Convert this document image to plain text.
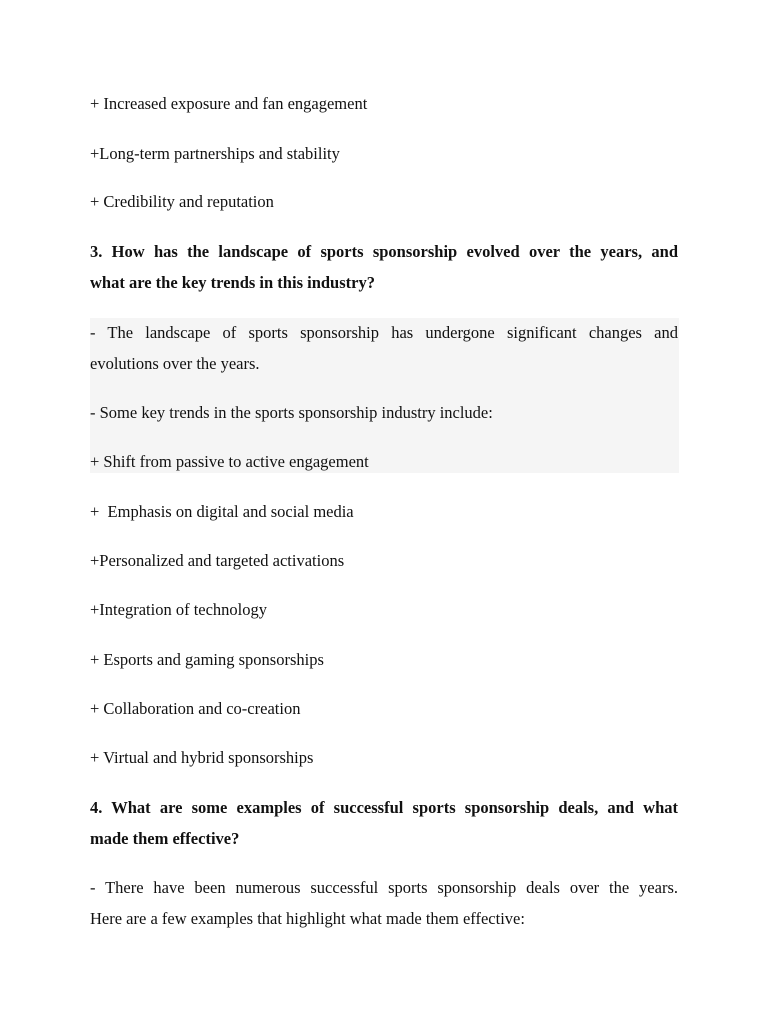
+ Increased exposure and fan engagement
+Long-term partnerships and stability
+ Credibility and reputation
3. How has the landscape of sports sponsorship evolved over the years, and
what are the key trends in this industry?
- The landscape of sports sponsorship has undergone significant changes and
evolutions over the years.
- Some key trends in the sports sponsorship industry include:
+ Shift from passive to active engagement
+  Emphasis on digital and social media
+Personalized and targeted activations
+Integration of technology
+ Esports and gaming sponsorships
+ Collaboration and co-creation
+ Virtual and hybrid sponsorships
4. What are some examples of successful sports sponsorship deals, and what
made them effective?
- There have been numerous successful sports sponsorship deals over the years.
Here are a few examples that highlight what made them effective:
